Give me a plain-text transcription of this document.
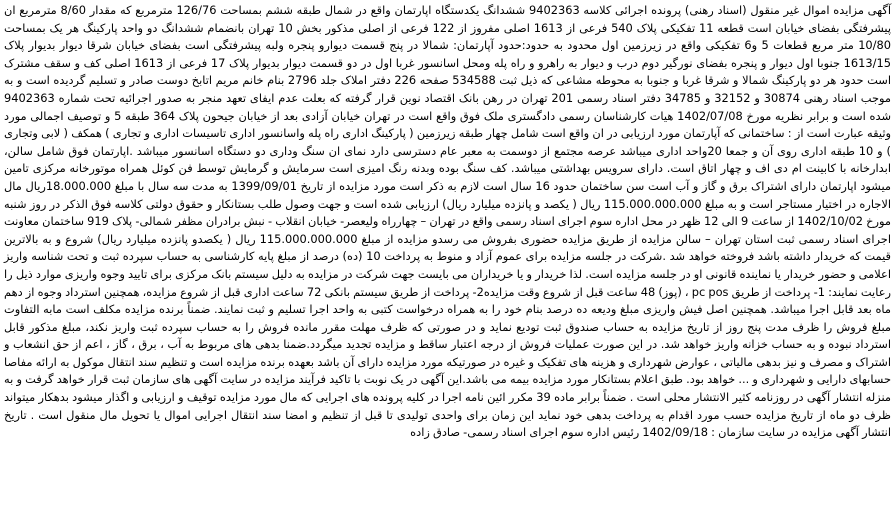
آگهی مزایده اموال غیر منقول (اسناد رهنی) پرونده اجرائی کلاسه 9402363 ششدانگ یکدستگاه اپارتمان واقع در شمال طبقه ششم بمساحت 126/76 مترمربع که مقدار 8/60 مترمربع ان پیشرفتگی بفضای خیابان است قطعه 11 تفکیکی پلاک 540 فرعی از 1613 اصلی مفروز از 122 فرعی از اصلی مذکور بخش 10 تهران بانضمام ششدانگ دو واحد پارکینگ هر یک بمساحت 10/80 متر مربع قطعات 5 و6 تفکیکی واقع در زیرزمین اول محدود به حدود:حدود آپارتمان: شمالا در پنج قسمت دیوارو پنجره ولبه پیشرفتگی است بفضای خیابان شرقا دیوار بدیوار پلاک 1613/15 جنوبا اول دیوار و پنجره بفضای نورگیر دوم درب و دیوار به راهرو و راه پله ومحل اسانسور غربا اول در دو قسمت دیوار بدیوار پلاک 17 فرعی از 1613 اصلی کف و سقف مشترک است حدود هر دو پارکینگ شمالا و شرقا غربا و جنوبا به محوطه مشاعی که ذیل ثبت 534588 صفحه 226 دفتر املاک جلد 2796 بنام خانم مریم اتابخ دوست صادر و تسلیم گردیده است و به موجب اسناد رهنی 30874 و 32152 و 34785 دفتر اسناد رسمی 201 تهران در رهن بانک اقتصاد نوین قرار گرفته که بعلت عدم ایفای تعهد منجر به صدور اجرائیه تحت شماره 9402363 شده است و برابر نظریه مورخ 1402/07/08 هیات کارشناسان رسمی دادگستری ملک فوق واقع است در تهران خیابان آزادی بعد از خیابان جیحون پلاک 364 طبقه 5 و توصیف اجمالی مورد وثیقه عبارت است از : ساختمانی که آپارتمان مورد ارزیابی در ان واقع است شامل چهار طبقه زیرزمین ( پارکینگ اداری راه پله واسانسور اداری تاسیسات اداری و تجاری ) همکف ( لابی وتجاری ) و 10 طبقه اداری روی آن و جمعا 20واحد اداری میباشد عرصه مجتمع از دوسمت به معبر عام دسترسی دارد نمای ان سنگ وداری دو دستگاه اسانسور میباشد .اپارتمان فوق شامل سالن، ابدارخانه با کابینت ام دی اف و چهار اتاق است. دارای سرویس بهداشتی میباشد. کف سنگ بوده وبدنه رنگ امیزی است سرمایش و گرمایش توسط فن کوئل همراه موتورخانه مرکزی تامین میشود اپارتمان دارای اشتراک برق و گاز و آب است سن ساختمان حدود 16 سال است لازم به ذکر است مورد مزایده از تاریخ 1399/09/01 به مدت سه سال با مبلغ 18.000.000ریال مال الاجاره در اختیار مستاجر است و به مبلغ 115.000.000.000 ریال ( یکصد و پانزده میلیارد ریال) ارزیابی شده است و جهت وصول طلب بستانکار و حقوق دولتی کلاسه فوق الذکر در روز شنبه مورخ 1402/10/02 از ساعت 9 الی 12 ظهر در محل اداره سوم اجرای اسناد رسمی واقع در تهران – چهارراه ولیعصر- خیابان انقلاب - نبش برادران مظفر شمالی- پلاک 919 ساختمان معاونت اجرای اسناد رسمی ثبت استان تهران – سالن مزایده از طریق مزایده حضوری بفروش می رسدو مزایده از مبلغ 115.000.000.000 ریال ( یکصدو پانزده میلیارد ریال) شروع و به بالاترین قیمت که خریدار داشته باشد فروخته خواهد شد .شرکت در جلسه مزایده برای عموم آزاد و منوط به پرداخت 10 (ده) درصد از مبلغ پایه کارشناسی به حساب سپرده ثبت و تحت شناسه واریز اعلامی و حضور خریدار یا نماینده قانونی او در جلسه مزایده است. لذا خریدار و یا خریداران می بایست جهت شرکت در مزایده به دلیل سیستم بانک مرکزی برای تایید وجوه واریزی موارد ذیل را رعایت نمایند: 1- پرداخت از طریق pc pos ، (پوز) 48 ساعت قبل از شروع وقت مزایده2- پرداخت از طریق سیستم بانکی 72 ساعت اداری قبل از شروع مزایده، همچنین استرداد وجوه از دهم ماه بعد قابل اجرا میباشد. همچنین اصل فیش واریزی مبلغ ودیعه ده درصد بنام خود را به همراه درخواست کتبی به واحد اجرا تسلیم و ثبت نمایند. ضمناً برنده مزایده مکلف است مابه التفاوت مبلغ فروش را ظرف مدت پنج روز از تاریخ مزایده به حساب صندوق ثبت تودیع نماید و در صورتی که ظرف مهلت مقرر مانده فروش را به حساب سپرده ثبت واریز نکند، مبلغ مذکور قابل استرداد نبوده و به حساب خزانه واریز خواهد شد. در این صورت عملیات فروش از درجه اعتبار ساقط و مزایده تجدید میگردد.ضمنا بدهی های مربوط به آب ، برق ، گاز ، اعم از حق انشعاب و اشتراک و مصرف و نیز بدهی مالیاتی ، عوارض شهرداری و هزینه های تفکیک و غیره در صورتیکه مورد مزایده دارای آن باشد بعهده برنده مزایده است و تنظیم سند انتقال موکول به ارائه مفاصا حسابهای دارایی و شهرداری و ... خواهد بود. طبق اعلام بستانکار مورد مزایده بیمه می باشد.این آگهی در یک نوبت با تاکید فرآیند مزایده در سایت آگهی های سازمان ثبت قرار خواهد گرفت و به منزله انتشار آگهی در روزنامه کثیر الانتشار محلی است . ضمناً برابر ماده 39 مکرر ائین نامه اجرا در کلیه پرونده های اجرایی که مال مورد مزایده توقیف و ارزیابی و اگذار میشود بدهکار میتواند ظرف دو ماه از تاریخ مزایده حسب مورد اقدام به پرداخت بدهی خود نماید این زمان برای واحدی تولیدی تا قبل از تنظیم و امضا سند انتقال اجرایی اموال یا تحویل مال منقول است . تاریخ انتشار آگهی مزایده در سایت سازمان : 1402/09/18 رئیس اداره سوم اجرای اسناد رسمی- صادق زاده
